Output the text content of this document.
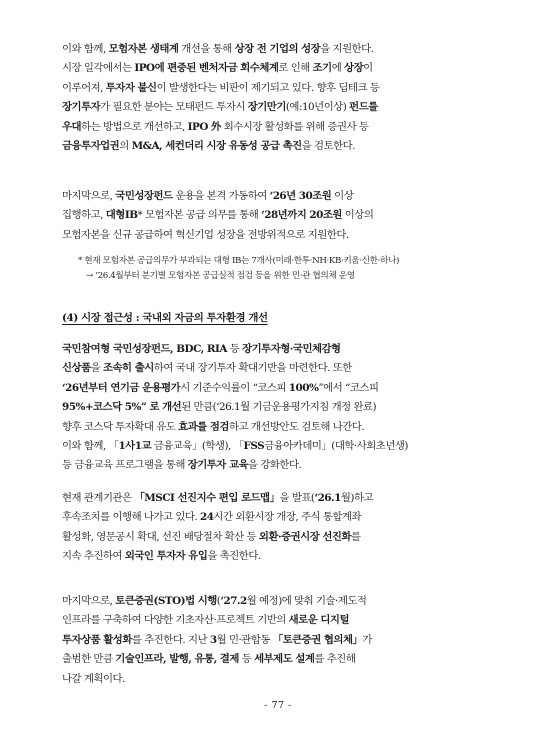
이와 함께, 모험자본 생태계 개선을 통해 상장 전 기업의 성장을 지원한다.
시장 일각에서는 IPO에 편중된 벤처자금 회수체계로 인해 조기에 상장이
이루어져, 투자자 불신이 발생한다는 비판이 제기되고 있다. 향후 딥테크 등
장기투자가 필요한 분야는 모태펀드 투자시 장기만기(예:10년이상) 펀드를
우대하는 방법으로 개선하고, IPO 外 회수시장 활성화를 위해 증권사 등
금융투자업권의 M&A, 세컨더리 시장 유동성 공급 촉진을 검토한다.
마지막으로, 국민성장펀드 운용을 본격 가동하여 ‘26년 30조원 이상
집행하고, 대형IB* 모험자본 공급 의무를 통해 ‘28년까지 20조원 이상의
모험자본을 신규 공급하여 혁신기업 성장을 전방위적으로 지원한다.
* 현재 모험자본 공급의무가 부과되는 대형 IB는 7개사(미래·한투·NH·KB·키움·신한·하나)
→ ‘26.4월부터 분기별 모험자본 공급실적 점검 등을 위한 민·관 협의체 운영
(4) 시장 접근성 : 국내외 자금의 투자환경 개선
국민참여형 국민성장펀드, BDC, RIA 등 장기투자형·국민체감형
신상품을 조속히 출시하여 국내 장기투자 확대기반을 마련한다. 또한
‘26년부터 연기금 운용평가시 기준수익률이 “코스피 100%”에서 “코스피
95%+코스닥 5%” 로 개선된 만큼(‘26.1월 기금운용평가지침 개정 완료)
향후 코스닥 투자확대 유도 효과를 점검하고 개선방안도 검토해 나간다.
이와 함께, 「1사1교 금융교육」(학생), 「FSS금융아카데미」(대학·사회초년생)
등 금융교육 프로그램을 통해 장기투자 교육을 강화한다.
현재 관계기관은 「MSCI 선진지수 편입 로드맵」을 발표(‘26.1월)하고
후속조치를 이행해 나가고 있다. 24시간 외환시장 개장, 주식 통합계좌
활성화, 영문공시 확대, 선진 배당절차 확산 등 외환·증권시장 선진화를
지속 추진하여 외국인 투자자 유입을 촉진한다.
마지막으로, 토큰증권(STO)법 시행(‘27.2월 예정)에 맞춰 기술·제도적
인프라를 구축하여 다양한 기초자산·프로젝트 기반의 새로운 디지털
투자상품 활성화를 추진한다. 지난 3월 민·관합동 「토큰증권 협의체」가
출범한 만큼 기술인프라, 발행, 유통, 결제 등 세부제도 설계를 추진해
나갈 계획이다.
- 77 -
